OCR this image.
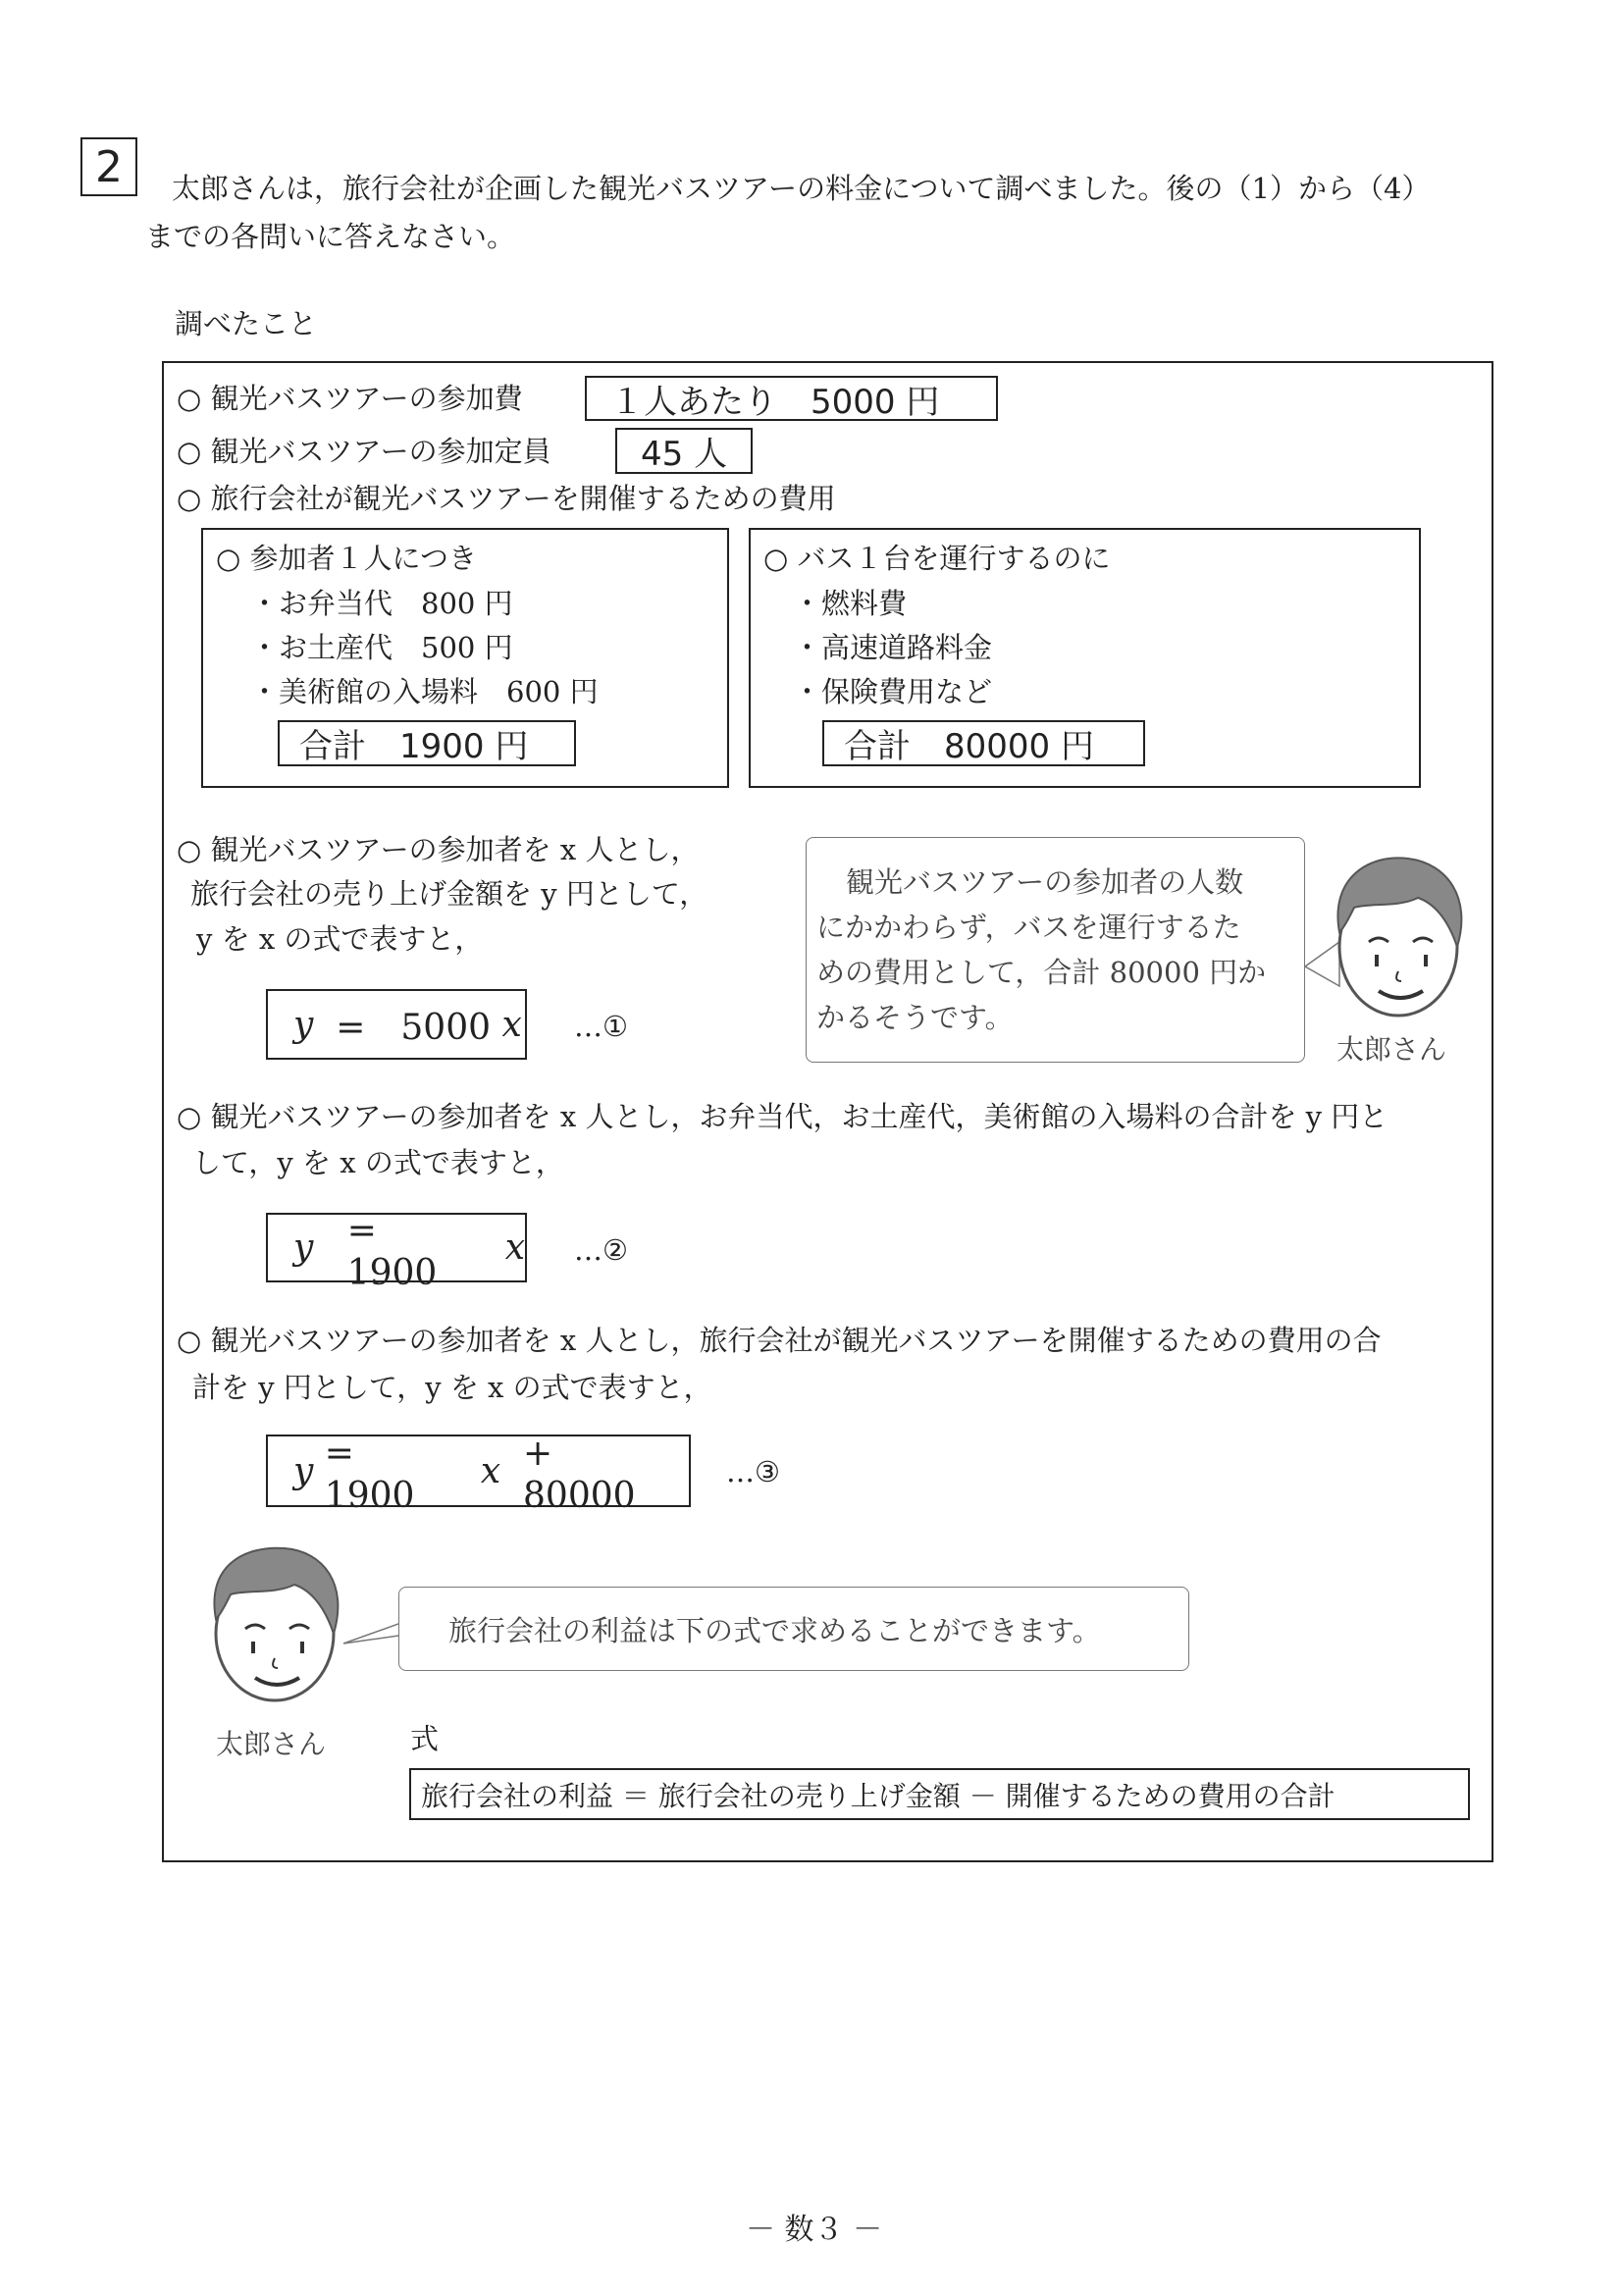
2	太郎さんは，旅行会社が企画した観光バスツアーの料金について調べました。後の（1）から（4）
までの各問いに答えなさい。
調べたこと
○ 観光バスツアーの参加費	１人あたり　5000 円
○ 観光バスツアーの参加定員	45 人
○ 旅行会社が観光バスツアーを開催するための費用
○ 参加者１人につき
・お弁当代　800 円
・お土産代　500 円
・美術館の入場料　600 円
合計　1900 円
○ バス１台を運行するのに
・燃料費
・高速道路料金
・保険費用など
合計　80000 円
○ 観光バスツアーの参加者を x 人とし，
旅行会社の売り上げ金額を y 円として，
y を x の式で表すと，
y
=　5000
x …①
観光バスツアーの参加者の人数
にかかわらず，バスを運行するた
めの費用として，合計 80000 円か
かるそうです。
太郎さん
○ 観光バスツアーの参加者を x 人とし，お弁当代，お土産代，美術館の入場料の合計を y 円と
して，y を x の式で表すと，
y
=　1900

x …②
○ 観光バスツアーの参加者を x 人とし，旅行会社が観光バスツアーを開催するための費用の合
計を y 円として，y を x の式で表すと，
y
=　1900

x
+　80000
…③
旅行会社の利益は下の式で求めることができます。
太郎さん	式
旅行会社の利益 ＝ 旅行会社の売り上げ金額 － 開催するための費用の合計
－ 数３ －
